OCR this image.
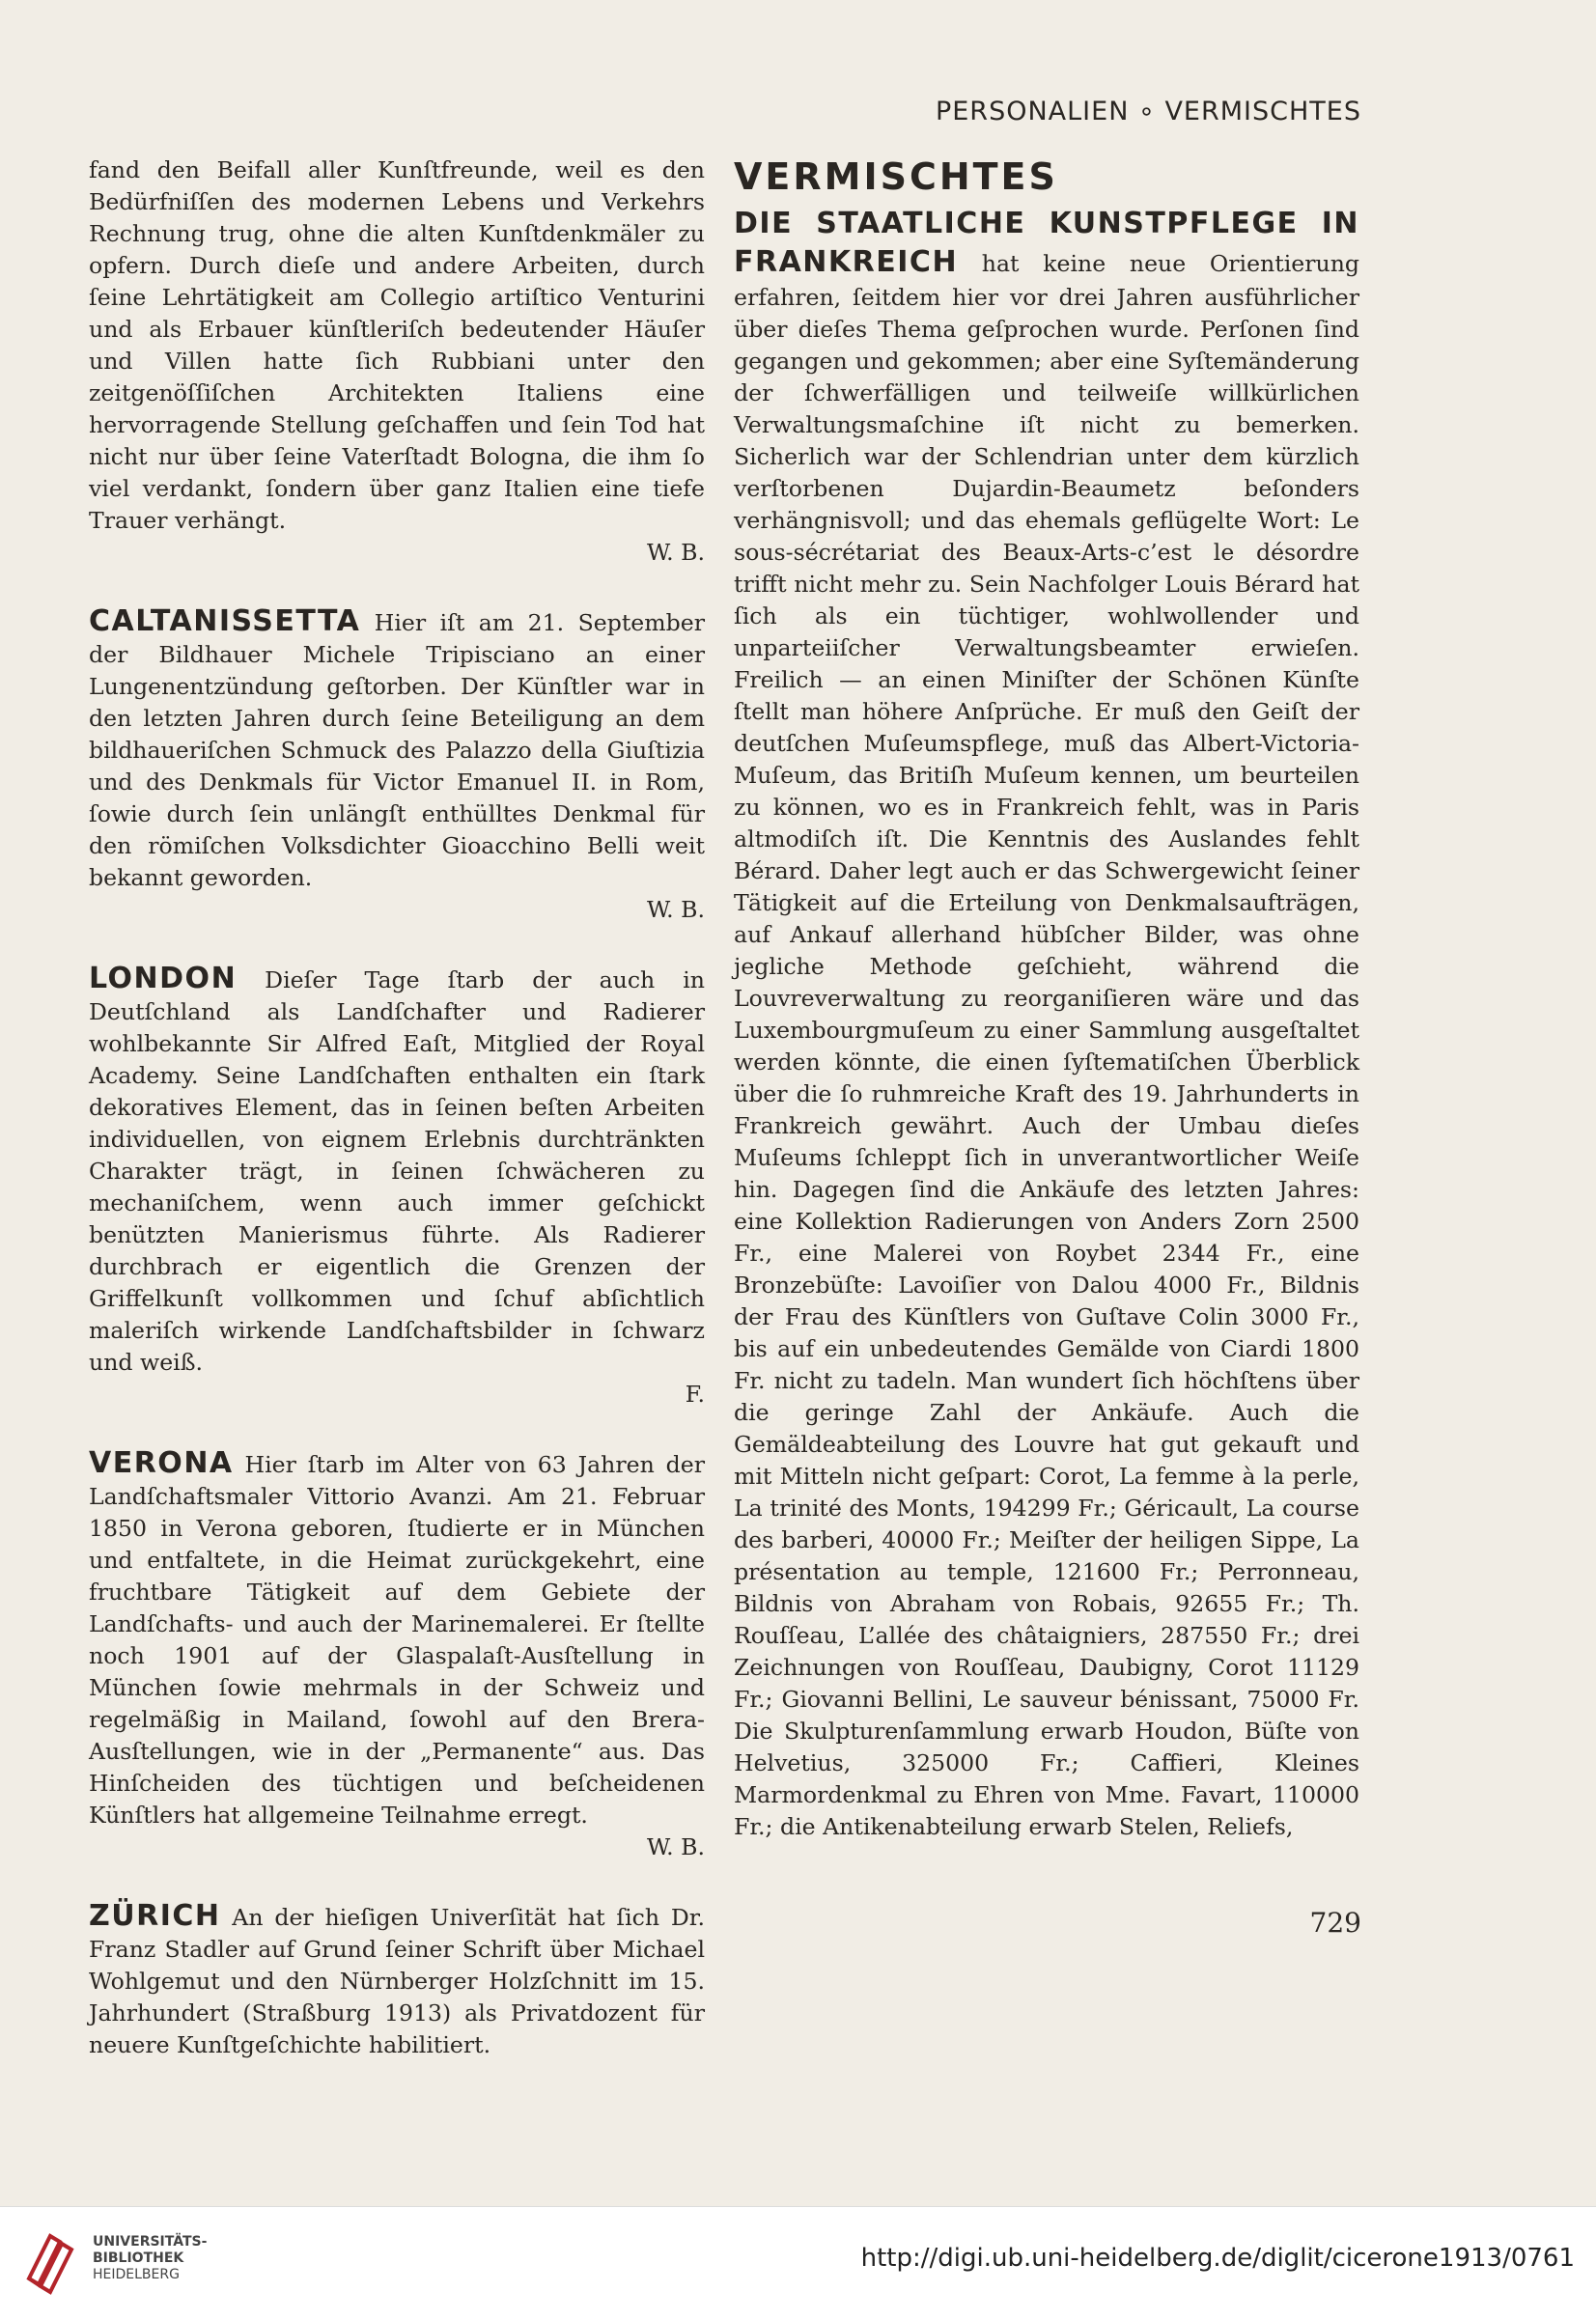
PERSONALIEN ∘ VERMISCHTES

fand den Beifall aller Kunſtfreunde, weil es den Bedürfniſſen des modernen Lebens und Verkehrs Rechnung trug, ohne die alten Kunſtdenkmäler zu opfern. Durch dieſe und andere Arbeiten, durch ſeine Lehrtätigkeit am Collegio artiſtico Venturini und als Erbauer künſtleriſch bedeutender Häuſer und Villen hatte ſich Rubbiani unter den zeitgenöſſiſchen Architekten Italiens eine hervorragende Stellung geſchaffen und ſein Tod hat nicht nur über ſeine Vaterſtadt Bologna, die ihm ſo viel verdankt, ſondern über ganz Italien eine tiefe Trauer verhängt.
W. B.

CALTANISSETTA Hier iſt am 21. September der Bildhauer Michele Tripisciano an einer Lungenentzündung geſtorben. Der Künſtler war in den letzten Jahren durch ſeine Beteiligung an dem bildhaueriſchen Schmuck des Palazzo della Giuſtizia und des Denkmals für Victor Emanuel II. in Rom, ſowie durch ſein unlängſt enthülltes Denkmal für den römiſchen Volksdichter Gioacchino Belli weit bekannt geworden.
W. B.

LONDON Dieſer Tage ſtarb der auch in Deutſchland als Landſchafter und Radierer wohlbekannte Sir Alfred Eaſt, Mitglied der Royal Academy. Seine Landſchaften enthalten ein ſtark dekoratives Element, das in ſeinen beſten Arbeiten individuellen, von eignem Erlebnis durchtränkten Charakter trägt, in ſeinen ſchwächeren zu mechaniſchem, wenn auch immer geſchickt benützten Manierismus führte. Als Radierer durchbrach er eigentlich die Grenzen der Griffelkunſt vollkommen und ſchuf abſichtlich maleriſch wirkende Landſchaftsbilder in ſchwarz und weiß.
F.

VERONA Hier ſtarb im Alter von 63 Jahren der Landſchaftsmaler Vittorio Avanzi. Am 21. Februar 1850 in Verona geboren, ſtudierte er in München und entfaltete, in die Heimat zurückgekehrt, eine fruchtbare Tätigkeit auf dem Gebiete der Landſchafts- und auch der Marinemalerei. Er ſtellte noch 1901 auf der Glaspalaſt-Ausſtellung in München ſowie mehrmals in der Schweiz und regelmäßig in Mailand, ſowohl auf den Brera-Ausſtellungen, wie in der „Permanente“ aus. Das Hinſcheiden des tüchtigen und beſcheidenen Künſtlers hat allgemeine Teilnahme erregt.
W. B.

ZÜRICH An der hieſigen Univerſität hat ſich Dr. Franz Stadler auf Grund ſeiner Schrift über Michael Wohlgemut und den Nürnberger Holzſchnitt im 15. Jahrhundert (Straßburg 1913) als Privatdozent für neuere Kunſtgeſchichte habilitiert.

VERMISCHTES

DIE STAATLICHE KUNSTPFLEGE IN FRANKREICH hat keine neue Orientierung erfahren, ſeitdem hier vor drei Jahren ausführlicher über dieſes Thema geſprochen wurde. Perſonen ſind gegangen und gekommen; aber eine Syſtemänderung der ſchwerfälligen und teilweiſe willkürlichen Verwaltungsmaſchine iſt nicht zu bemerken. Sicherlich war der Schlendrian unter dem kürzlich verſtorbenen Dujardin-Beaumetz beſonders verhängnisvoll; und das ehemals geflügelte Wort: Le sous-sécrétariat des Beaux-Arts-c’est le désordre trifft nicht mehr zu. Sein Nachfolger Louis Bérard hat ſich als ein tüchtiger, wohlwollender und unparteiiſcher Verwaltungsbeamter erwieſen. Freilich — an einen Miniſter der Schönen Künſte ſtellt man höhere Anſprüche. Er muß den Geiſt der deutſchen Muſeumspflege, muß das Albert-Victoria-Muſeum, das Britiſh Muſeum kennen, um beurteilen zu können, wo es in Frankreich fehlt, was in Paris altmodiſch iſt. Die Kenntnis des Auslandes fehlt Bérard. Daher legt auch er das Schwergewicht ſeiner Tätigkeit auf die Erteilung von Denkmalsaufträgen, auf Ankauf allerhand hübſcher Bilder, was ohne jegliche Methode geſchieht, während die Louvreverwaltung zu reorganiſieren wäre und das Luxembourgmuſeum zu einer Sammlung ausgeſtaltet werden könnte, die einen ſyſtematiſchen Überblick über die ſo ruhmreiche Kraft des 19. Jahrhunderts in Frankreich gewährt. Auch der Umbau dieſes Muſeums ſchleppt ſich in unverantwortlicher Weiſe hin. Dagegen ſind die Ankäufe des letzten Jahres: eine Kollektion Radierungen von Anders Zorn 2500 Fr., eine Malerei von Roybet 2344 Fr., eine Bronzebüſte: Lavoiſier von Dalou 4000 Fr., Bildnis der Frau des Künſtlers von Guſtave Colin 3000 Fr., bis auf ein unbedeutendes Gemälde von Ciardi 1800 Fr. nicht zu tadeln. Man wundert ſich höchſtens über die geringe Zahl der Ankäufe. Auch die Gemäldeabteilung des Louvre hat gut gekauft und mit Mitteln nicht geſpart: Corot, La femme à la perle, La trinité des Monts, 194299 Fr.; Géricault, La course des barberi, 40000 Fr.; Meiſter der heiligen Sippe, La présentation au temple, 121600 Fr.; Perronneau, Bildnis von Abraham von Robais, 92655 Fr.; Th. Rouſſeau, L’allée des châtaigniers, 287550 Fr.; drei Zeichnungen von Rouſſeau, Daubigny, Corot 11129 Fr.; Giovanni Bellini, Le sauveur bénissant, 75000 Fr. Die Skulpturenſammlung erwarb Houdon, Büſte von Helvetius, 325000 Fr.; Caffieri, Kleines Marmordenkmal zu Ehren von Mme. Favart, 110000 Fr.; die Antikenabteilung erwarb Stelen, Reliefs,

729
UNIVERSITÄTS-
BIBLIOTHEK
HEIDELBERG
http://digi.ub.uni-heidelberg.de/diglit/cicerone1913/0761
